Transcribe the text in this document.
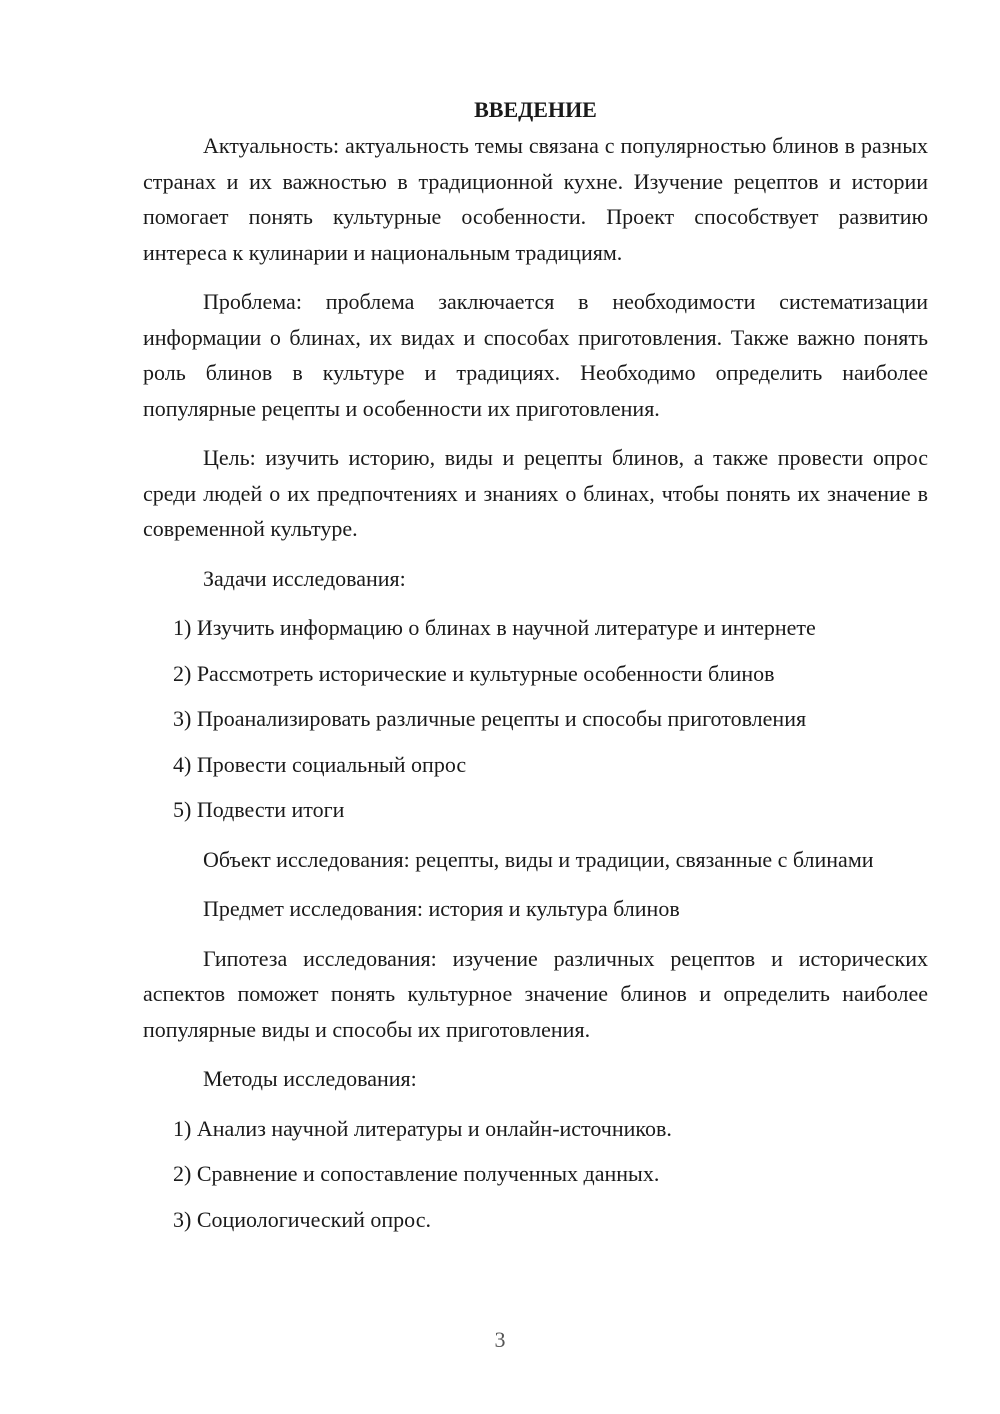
ВВЕДЕНИЕ

Актуальность: актуальность темы связана с популярностью блинов в разных странах и их важностью в традиционной кухне. Изучение рецептов и истории помогает понять культурные особенности. Проект способствует развитию интереса к кулинарии и национальным традициям.

Проблема: проблема заключается в необходимости систематизации информации о блинах, их видах и способах приготовления. Также важно понять роль блинов в культуре и традициях. Необходимо определить наиболее популярные рецепты и особенности их приготовления.

Цель: изучить историю, виды и рецепты блинов, а также провести опрос среди людей о их предпочтениях и знаниях о блинах, чтобы понять их значение в современной культуре.

Задачи исследования:

1) Изучить информацию о блинах в научной литературе и интернете

2) Рассмотреть исторические и культурные особенности блинов

3) Проанализировать различные рецепты и способы приготовления

4) Провести социальный опрос

5) Подвести итоги

Объект исследования: рецепты, виды и традиции, связанные с блинами

Предмет исследования: история и культура блинов

Гипотеза исследования: изучение различных рецептов и исторических аспектов поможет понять культурное значение блинов и определить наиболее популярные виды и способы их приготовления.

Методы исследования:

1) Анализ научной литературы и онлайн-источников.

2) Сравнение и сопоставление полученных данных.

3) Социологический опрос.

3
